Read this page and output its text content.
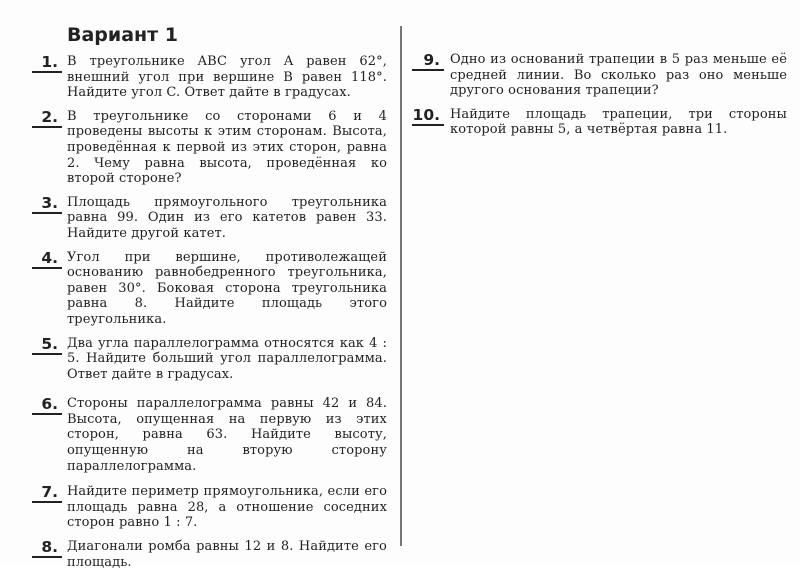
Вариант 1
1. В треугольнике ABC угол A равен 62°, внешний угол при вершине B равен 118°. Найдите угол C. Ответ дайте в градусах.
2. В треугольнике со сторонами 6 и 4 проведены высоты к этим сторонам. Высота, проведённая к первой из этих сторон, равна 2. Чему равна высота, проведённая ко второй стороне?
3. Площадь прямоугольного треугольника равна 99. Один из его катетов равен 33. Найдите другой катет.
4. Угол при вершине, противолежащей основанию равнобедренного треугольника, равен 30°. Боковая сторона треугольника равна 8. Найдите площадь этого треугольника.
5. Два угла параллелограмма относятся как 4 : 5. Найдите больший угол параллелограмма. Ответ дайте в градусах.
6. Стороны параллелограмма равны 42 и 84. Высота, опущенная на первую из этих сторон, равна 63. Найдите высоту, опущенную на вторую сторону параллелограмма.
7. Найдите периметр прямоугольника, если его площадь равна 28, а отношение соседних сторон равно 1 : 7.
8. Диагонали ромба равны 12 и 8. Найдите его площадь.
9. Одно из оснований трапеции в 5 раз меньше её средней линии. Во сколько раз оно меньше другого основания трапеции?
10. Найдите площадь трапеции, три стороны которой равны 5, а четвёртая равна 11.
